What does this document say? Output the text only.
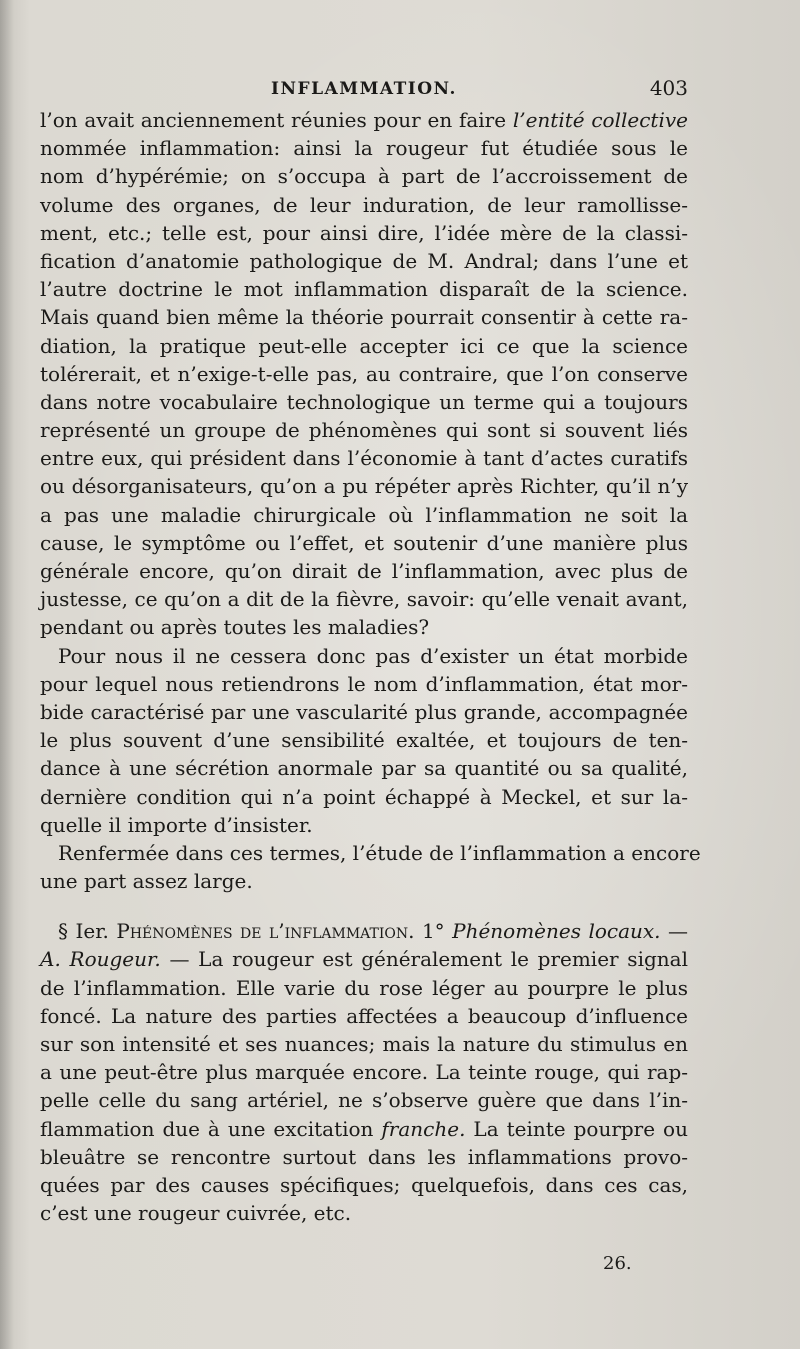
INFLAMMATION.	403
l’on avait anciennement réunies pour en faire l’entité collective
nommée inflammation: ainsi la rougeur fut étudiée sous le
nom d’hypérémie; on s’occupa à part de l’accroissement de
volume des organes, de leur induration, de leur ramollisse-
ment, etc.; telle est, pour ainsi dire, l’idée mère de la classi-
fication d’anatomie pathologique de M. Andral; dans l’une et
l’autre doctrine le mot inflammation disparaît de la science.
Mais quand bien même la théorie pourrait consentir à cette ra-
diation, la pratique peut-elle accepter ici ce que la science
tolérerait, et n’exige-t-elle pas, au contraire, que l’on conserve
dans notre vocabulaire technologique un terme qui a toujours
représenté un groupe de phénomènes qui sont si souvent liés
entre eux, qui président dans l’économie à tant d’actes curatifs
ou désorganisateurs, qu’on a pu répéter après Richter, qu’il n’y
a pas une maladie chirurgicale où l’inflammation ne soit la
cause, le symptôme ou l’effet, et soutenir d’une manière plus
générale encore, qu’on dirait de l’inflammation, avec plus de
justesse, ce qu’on a dit de la fièvre, savoir: qu’elle venait avant,
pendant ou après toutes les maladies?
Pour nous il ne cessera donc pas d’exister un état morbide
pour lequel nous retiendrons le nom d’inflammation, état mor-
bide caractérisé par une vascularité plus grande, accompagnée
le plus souvent d’une sensibilité exaltée, et toujours de ten-
dance à une sécrétion anormale par sa quantité ou sa qualité,
dernière condition qui n’a point échappé à Meckel, et sur la-
quelle il importe d’insister.
Renfermée dans ces termes, l’étude de l’inflammation a encore
une part assez large.
§ Ier. Phénomènes de l’inflammation. 1° Phénomènes locaux. —
A. Rougeur. — La rougeur est généralement le premier signal
de l’inflammation. Elle varie du rose léger au pourpre le plus
foncé. La nature des parties affectées a beaucoup d’influence
sur son intensité et ses nuances; mais la nature du stimulus en
a une peut-être plus marquée encore. La teinte rouge, qui rap-
pelle celle du sang artériel, ne s’observe guère que dans l’in-
flammation due à une excitation franche. La teinte pourpre ou
bleuâtre se rencontre surtout dans les inflammations provo-
quées par des causes spécifiques; quelquefois, dans ces cas,
c’est une rougeur cuivrée, etc.
26.
